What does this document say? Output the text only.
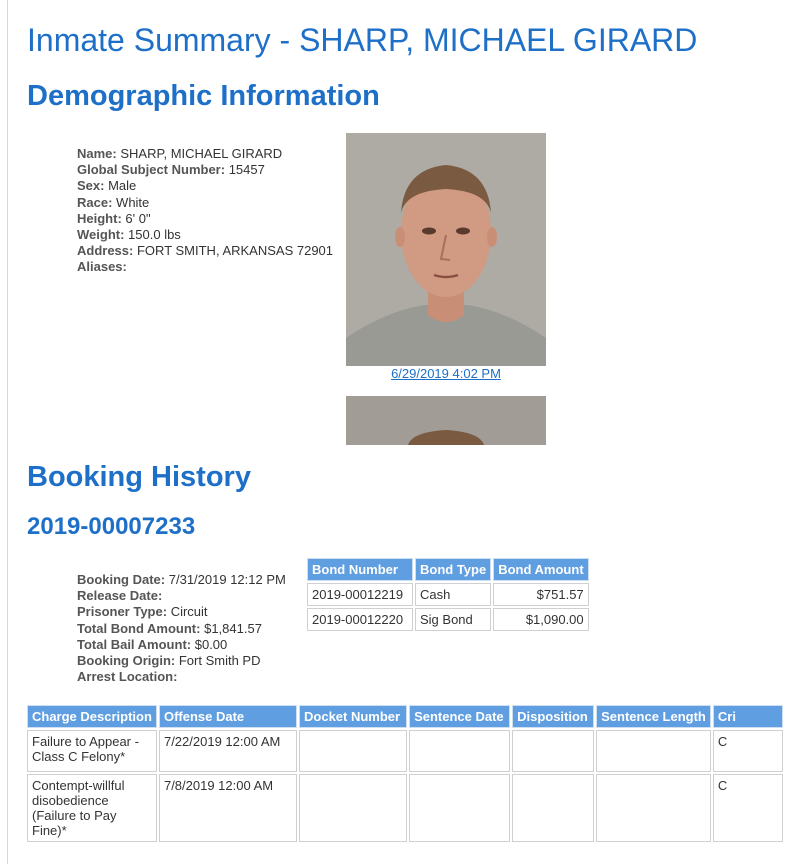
Inmate Summary - SHARP, MICHAEL GIRARD
Demographic Information
Name: SHARP, MICHAEL GIRARD
Global Subject Number: 15457
Sex: Male
Race: White
Height: 6' 0"
Weight: 150.0 lbs
Address: FORT SMITH, ARKANSAS 72901
Aliases:
6/29/2019 4:02 PM
Booking History
2019-00007233
Booking Date: 7/31/2019 12:12 PM
Release Date:
Prisoner Type: Circuit
Total Bond Amount: $1,841.57
Total Bail Amount: $0.00
Booking Origin: Fort Smith PD
Arrest Location:
Bond Number	Bond Type	Bond Amount
2019-00012219	Cash	$751.57
2019-00012220	Sig Bond	$1,090.00
Charge Description	Offense Date	Docket Number	Sentence Date	Disposition	Sentence Length	Cri
Failure to Appear - Class C Felony*	7/22/2019 12:00 AM					C
Contempt-willful disobedience (Failure to Pay Fine)*	7/8/2019 12:00 AM					C
